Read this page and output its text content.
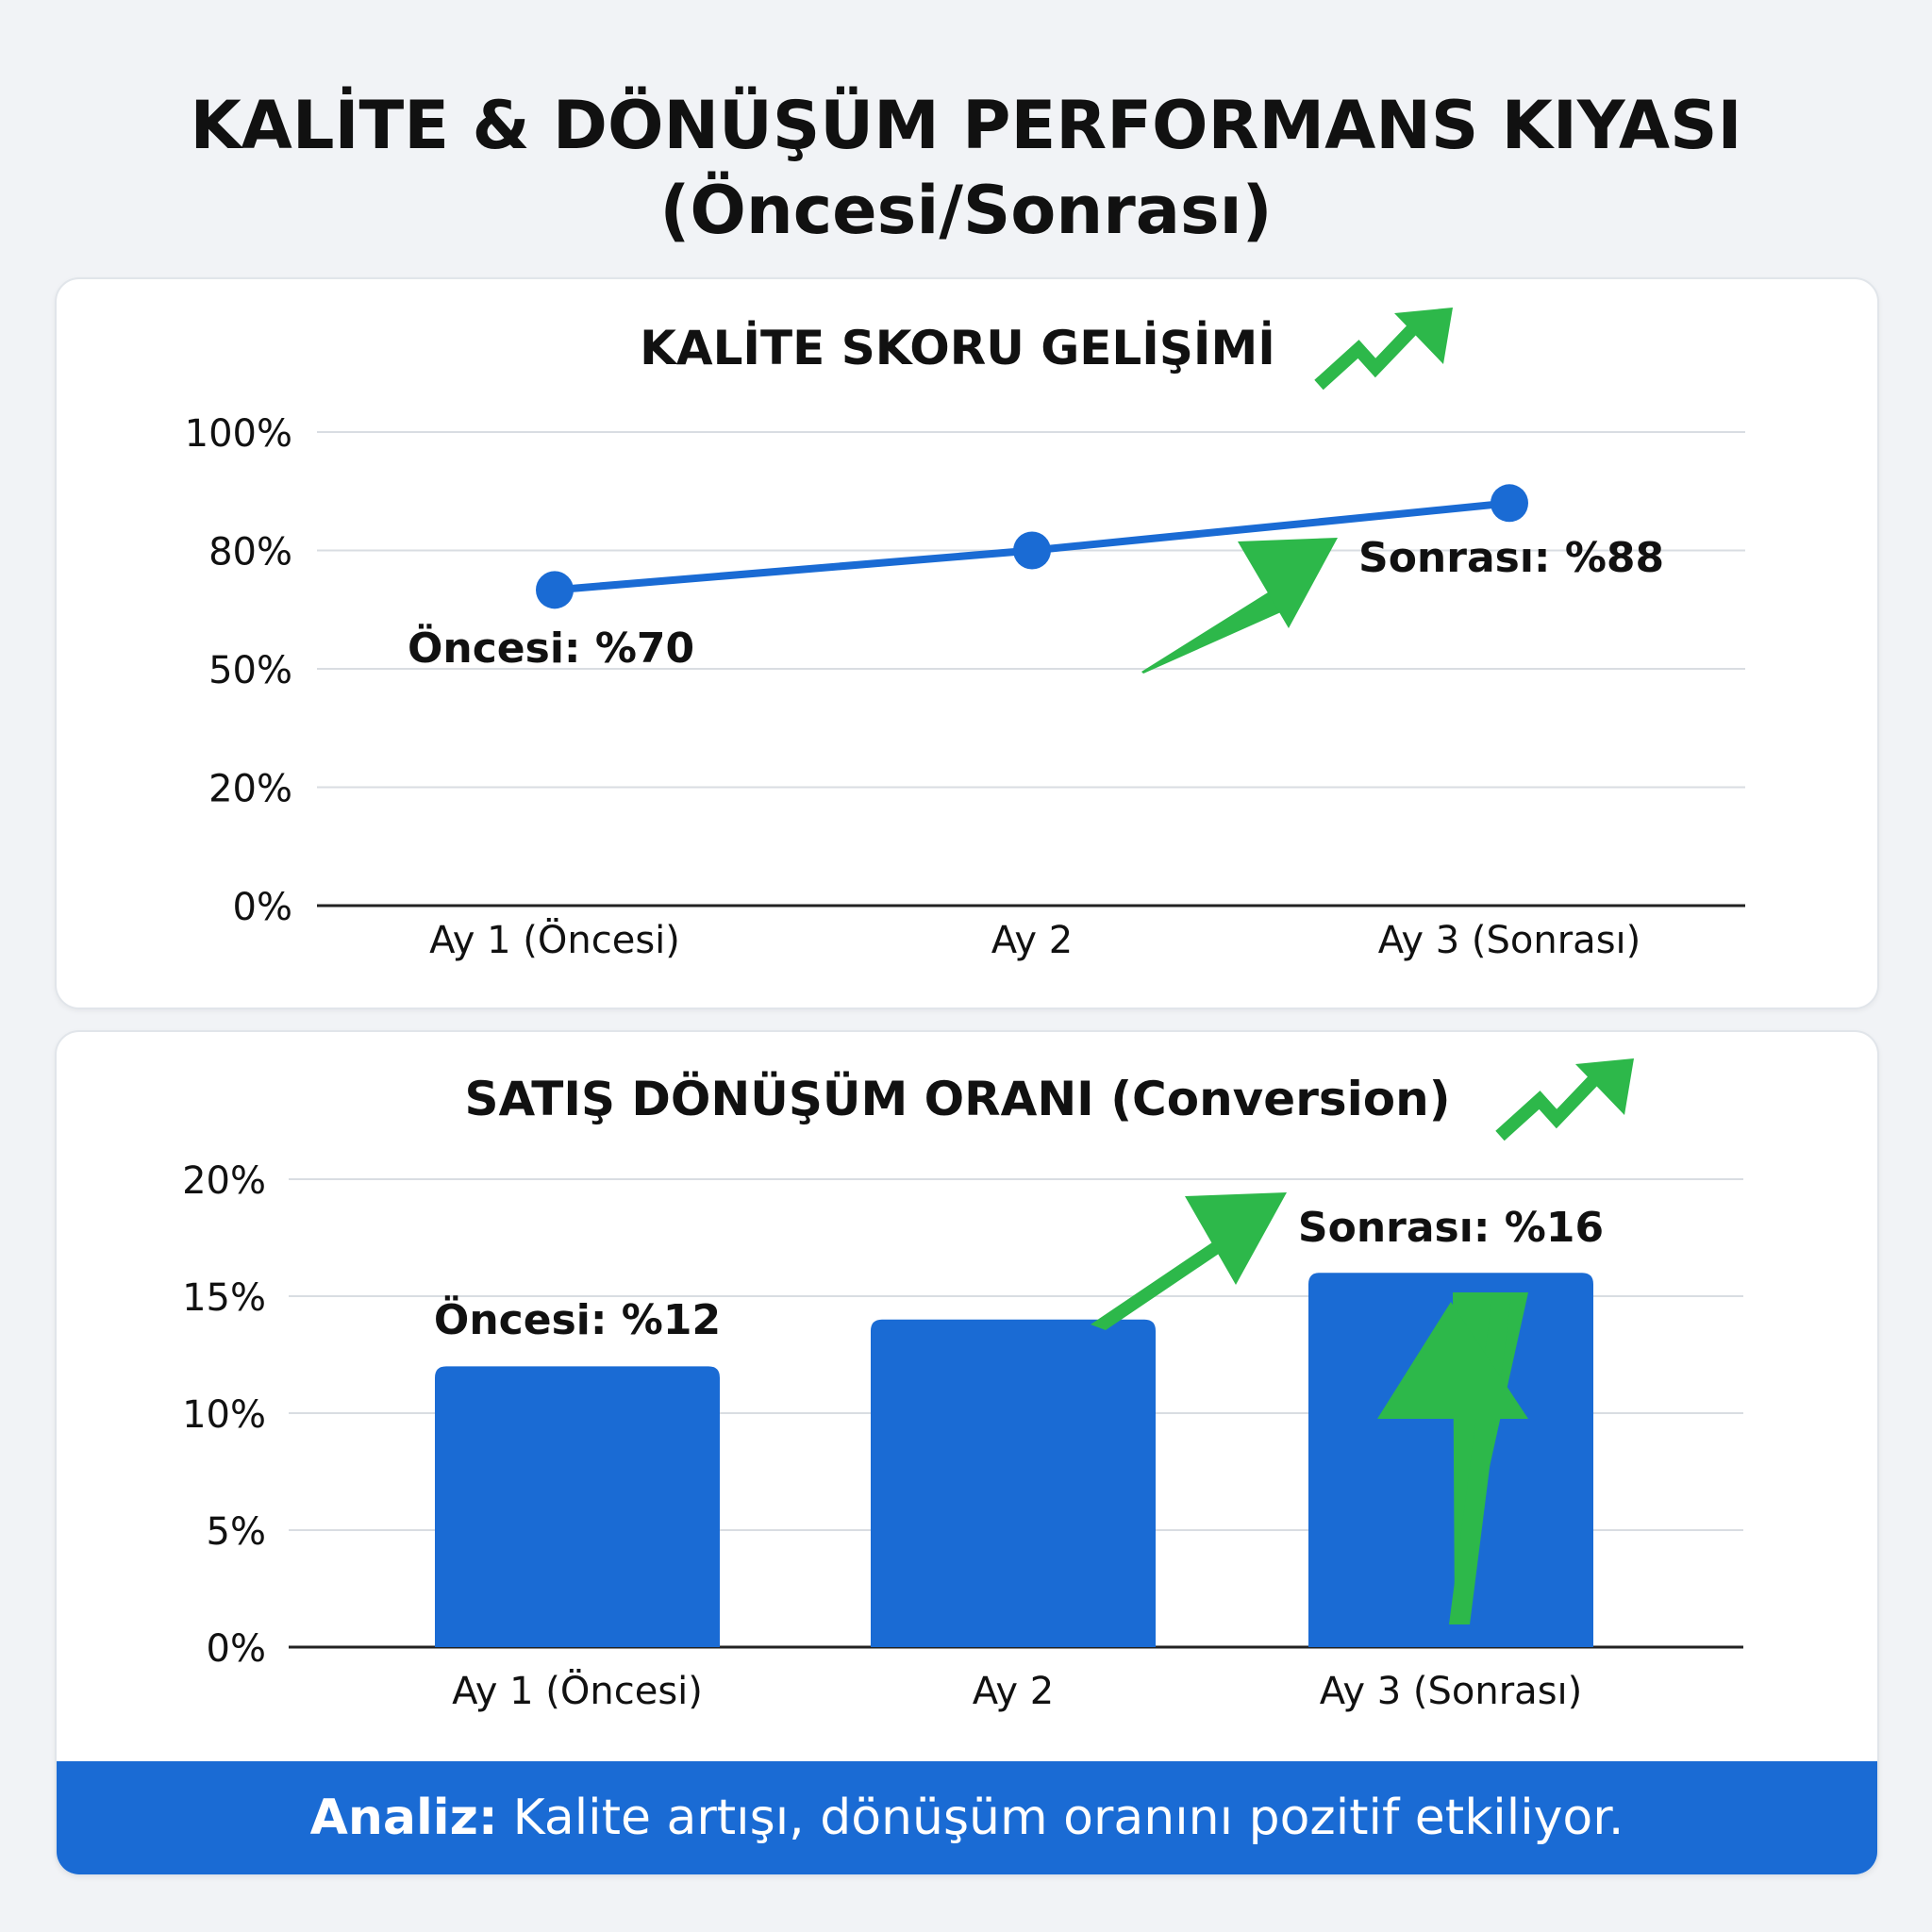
KALİTE & DÖNÜŞÜM PERFORMANS KIYASI
(Öncesi/Sonrası)
KALİTE SKORU GELİŞİMİ
0%
20%
50%
80%
100%
Ay 1 (Öncesi)	Ay 2	Ay 3 (Sonrası)
Öncesi: %70
Sonrası: %88
SATIŞ DÖNÜŞÜM ORANI (Conversion)
0%
5%
10%
15%
20%
Ay 1 (Öncesi)	Ay 2	Ay 3 (Sonrası)
Öncesi: %12
Sonrası: %16
Analiz: Kalite artışı, dönüşüm oranını pozitif etkiliyor.
